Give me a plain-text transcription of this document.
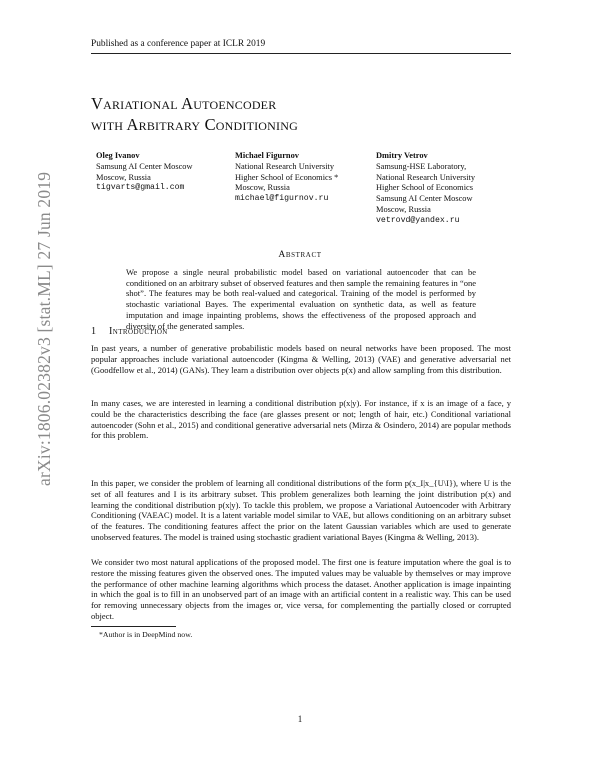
Published as a conference paper at ICLR 2019
arXiv:1806.02382v3 [stat.ML] 27 Jun 2019
Variational Autoencoder
with Arbitrary Conditioning
Oleg Ivanov
Samsung AI Center Moscow
Moscow, Russia
tigvarts@gmail.com
Michael Figurnov
National Research University
Higher School of Economics *
Moscow, Russia
michael@figurnov.ru
Dmitry Vetrov
Samsung-HSE Laboratory,
National Research University
Higher School of Economics
Samsung AI Center Moscow
Moscow, Russia
vetrovd@yandex.ru
Abstract
We propose a single neural probabilistic model based on variational autoencoder that can be conditioned on an arbitrary subset of observed features and then sample the remaining features in “one shot”. The features may be both real-valued and categorical. Training of the model is performed by stochastic variational Bayes. The experimental evaluation on synthetic data, as well as feature imputation and image inpainting problems, shows the effectiveness of the proposed approach and diversity of the generated samples.
1 Introduction
In past years, a number of generative probabilistic models based on neural networks have been proposed. The most popular approaches include variational autoencoder (Kingma & Welling, 2013) (VAE) and generative adversarial net (Goodfellow et al., 2014) (GANs). They learn a distribution over objects p(x) and allow sampling from this distribution.
In many cases, we are interested in learning a conditional distribution p(x|y). For instance, if x is an image of a face, y could be the characteristics describing the face (are glasses present or not; length of hair, etc.) Conditional variational autoencoder (Sohn et al., 2015) and conditional generative adversarial nets (Mirza & Osindero, 2014) are popular methods for this problem.
In this paper, we consider the problem of learning all conditional distributions of the form p(x_I|x_{U\I}), where U is the set of all features and I is its arbitrary subset. This problem generalizes both learning the joint distribution p(x) and learning the conditional distribution p(x|y). To tackle this problem, we propose a Variational Autoencoder with Arbitrary Conditioning (VAEAC) model. It is a latent variable model similar to VAE, but allows conditioning on an arbitrary subset of the features. The conditioning features affect the prior on the latent Gaussian variables which are used to generate unobserved features. The model is trained using stochastic gradient variational Bayes (Kingma & Welling, 2013).
We consider two most natural applications of the proposed model. The first one is feature imputation where the goal is to restore the missing features given the observed ones. The imputed values may be valuable by themselves or may improve the performance of other machine learning algorithms which process the dataset. Another application is image inpainting in which the goal is to fill in an unobserved part of an image with an artificial content in a realistic way. This can be used for removing unnecessary objects from the images or, vice versa, for complementing the partially closed or corrupted object.
*Author is in DeepMind now.
1
